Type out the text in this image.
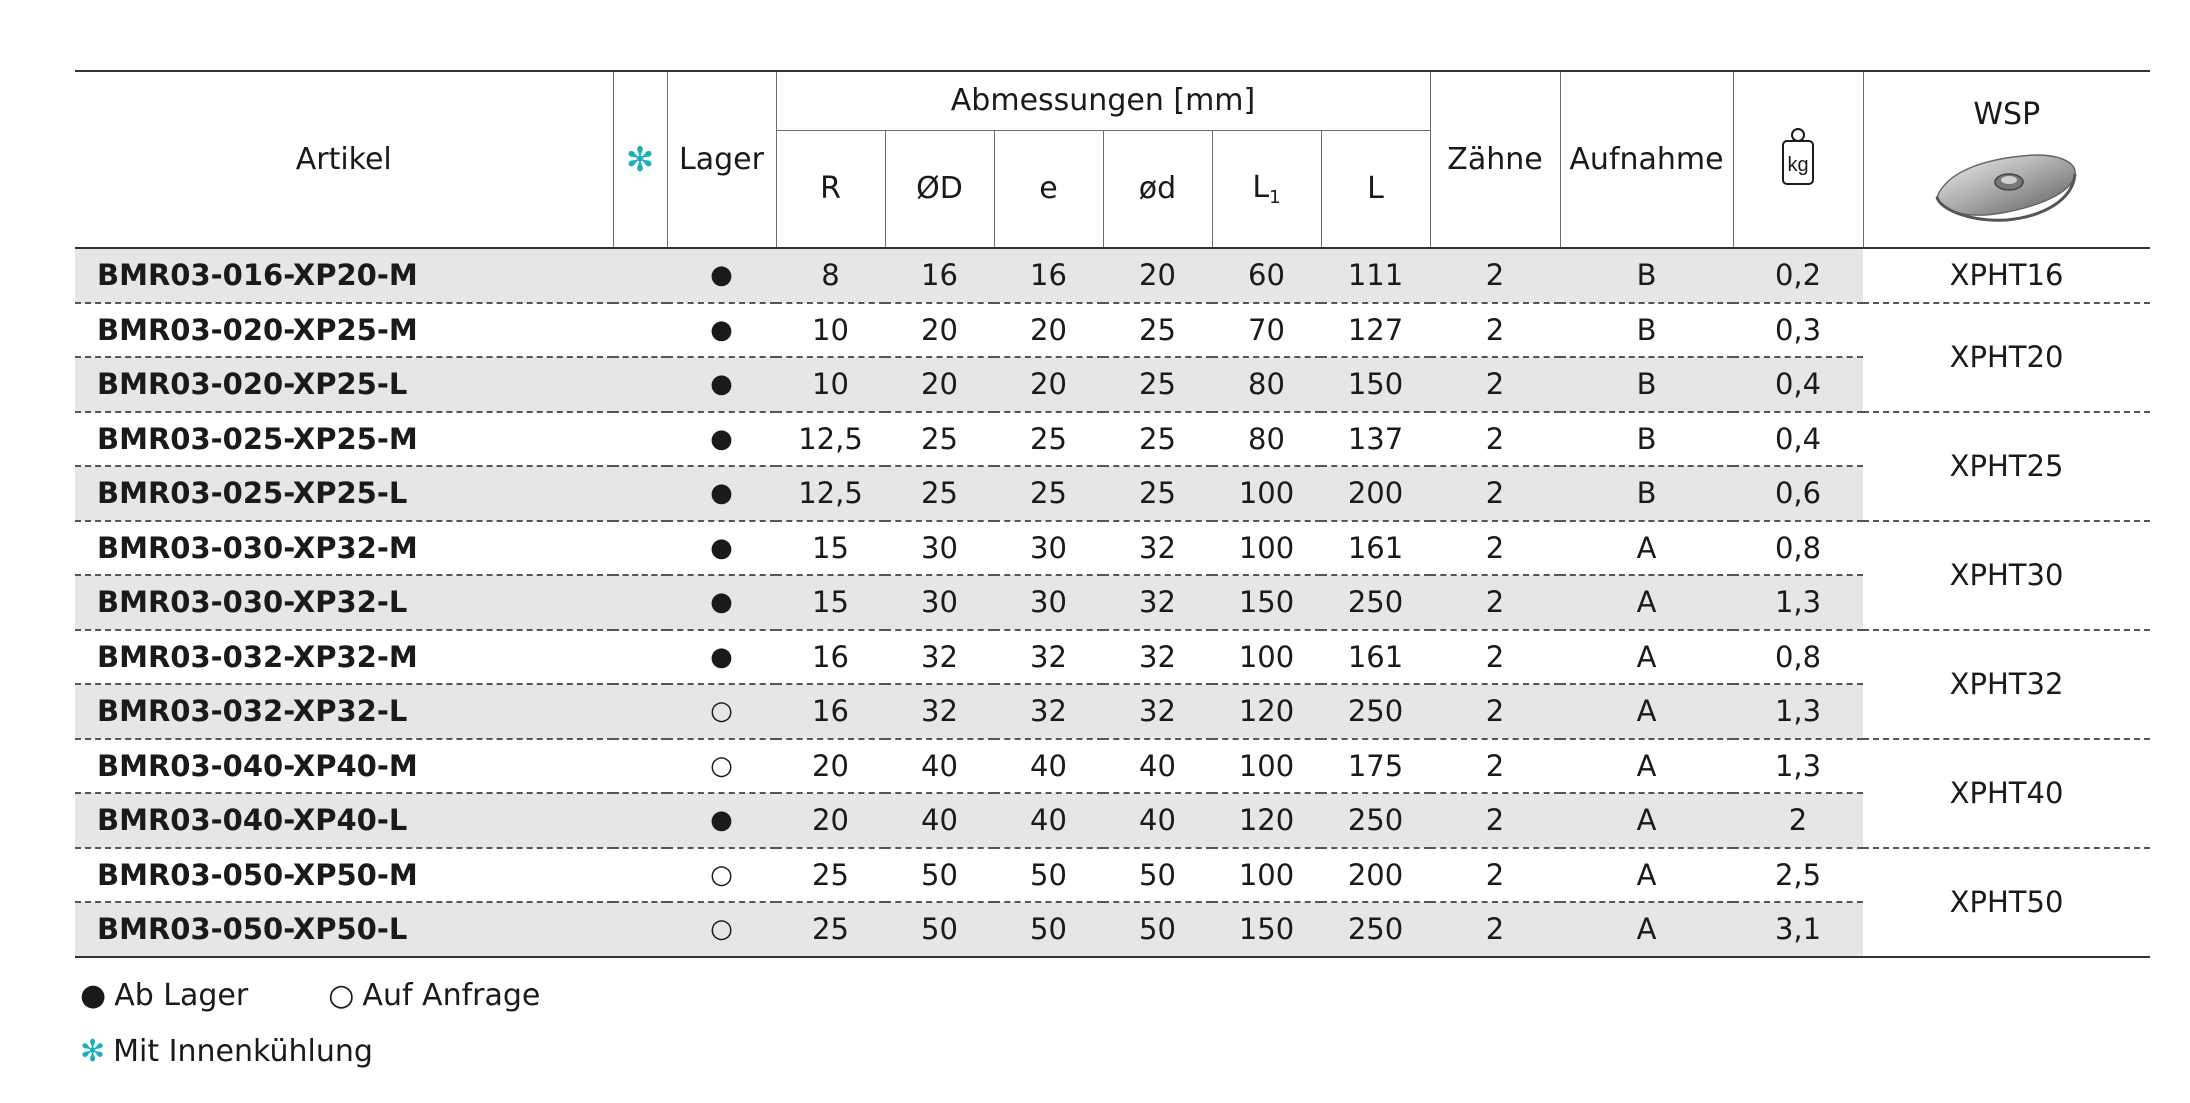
Artikel	✻	Lager	Abmessungen [mm]						Zähne	Aufnahme	kg	WSP

			R	ØD	e	ød	$L_1$	L				
BMR03-016-XP20-M		●	8	16	16	20	60	111	2	B	0,2	XPHT16
BMR03-020-XP25-M		●	10	20	20	25	70	127	2	B	0,3	XPHT20
BMR03-020-XP25-L		●	10	20	20	25	80	150	2	B	0,4	
BMR03-025-XP25-M		●	12,5	25	25	25	80	137	2	B	0,4	XPHT25
BMR03-025-XP25-L		●	12,5	25	25	25	100	200	2	B	0,6	
BMR03-030-XP32-M		●	15	30	30	32	100	161	2	A	0,8	XPHT30
BMR03-030-XP32-L		●	15	30	30	32	150	250	2	A	1,3	
BMR03-032-XP32-M		●	16	32	32	32	100	161	2	A	0,8	XPHT32
BMR03-032-XP32-L		○	16	32	32	32	120	250	2	A	1,3	
BMR03-040-XP40-M		○	20	40	40	40	100	175	2	A	1,3	XPHT40
BMR03-040-XP40-L		●	20	40	40	40	120	250	2	A	2	
BMR03-050-XP50-M		○	25	50	50	50	100	200	2	A	2,5	XPHT50
BMR03-050-XP50-L		○	25	50	50	50	150	250	2	A	3,1	
● Ab Lager	○ Auf Anfrage
✻ Mit Innenkühlung
